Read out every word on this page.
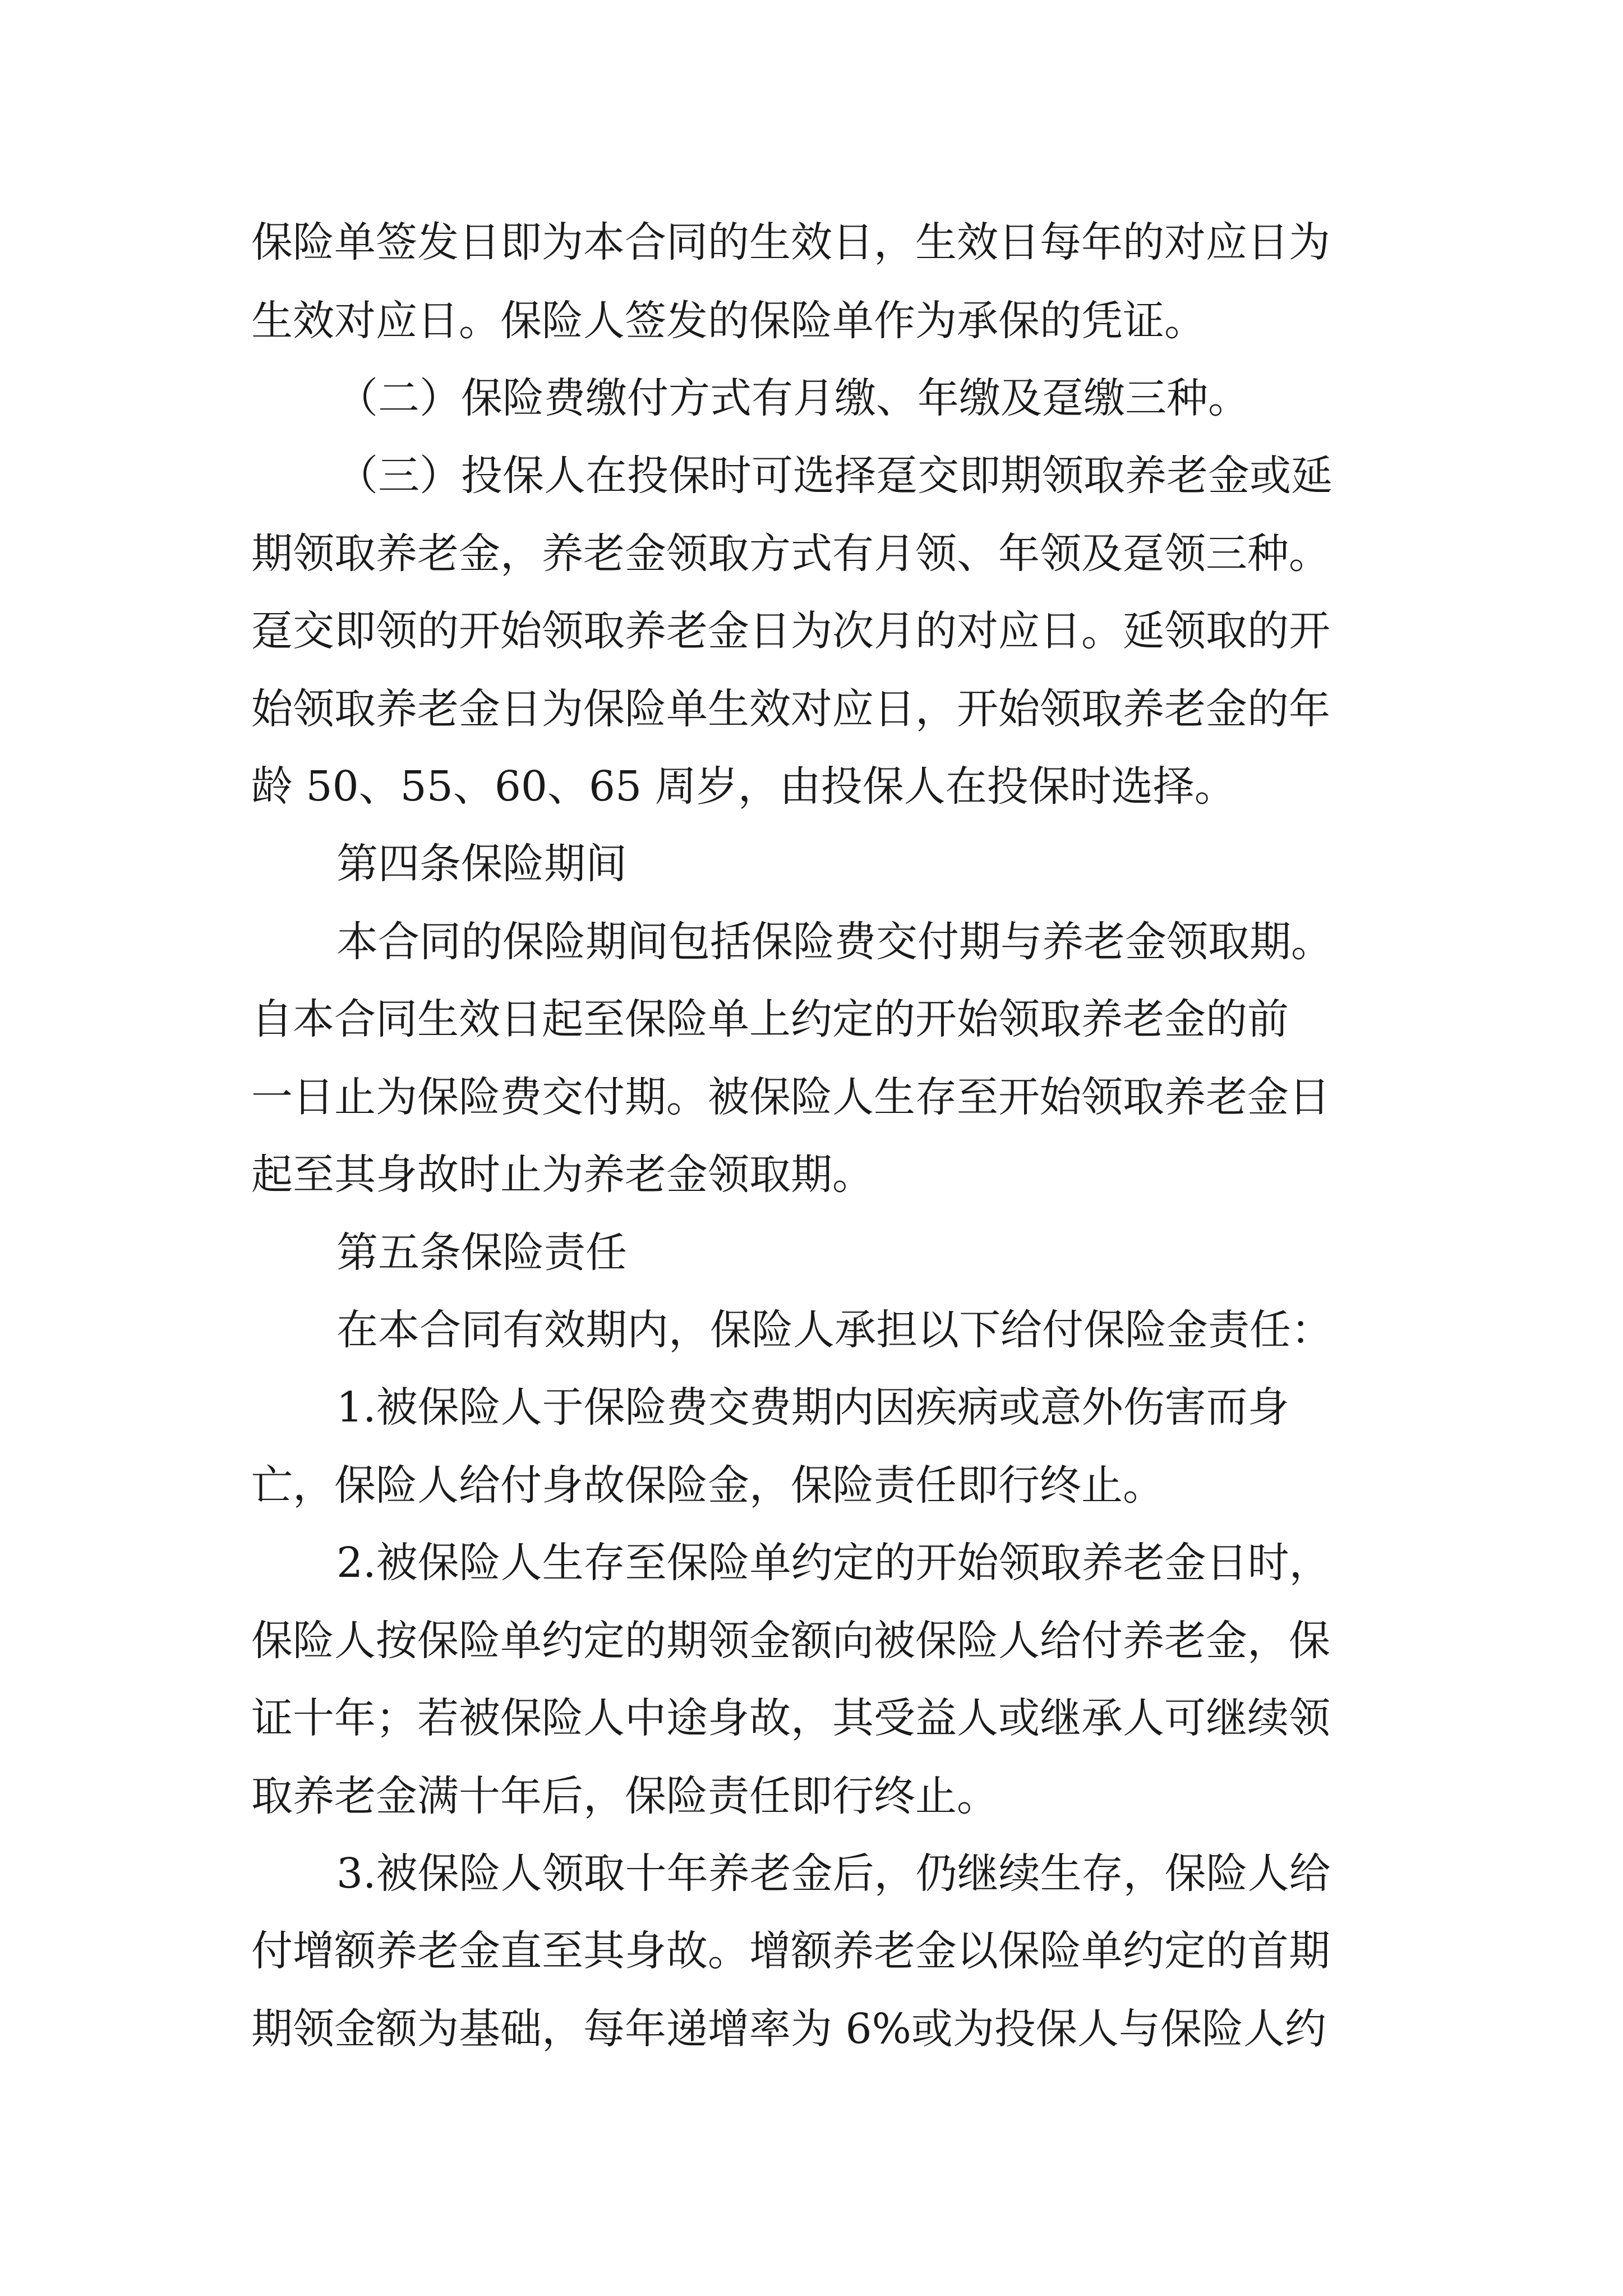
保险单签发日即为本合同的生效日，生效日每年的对应日为

生效对应日。保险人签发的保险单作为承保的凭证。

（二）保险费缴付方式有月缴、年缴及趸缴三种。

（三）投保人在投保时可选择趸交即期领取养老金或延

期领取养老金，养老金领取方式有月领、年领及趸领三种。

趸交即领的开始领取养老金日为次月的对应日。延领取的开

始领取养老金日为保险单生效对应日，开始领取养老金的年

龄 50、55、60、65 周岁，由投保人在投保时选择。

第四条保险期间

本合同的保险期间包括保险费交付期与养老金领取期。

自本合同生效日起至保险单上约定的开始领取养老金的前

一日止为保险费交付期。被保险人生存至开始领取养老金日

起至其身故时止为养老金领取期。

第五条保险责任

在本合同有效期内，保险人承担以下给付保险金责任：

1.被保险人于保险费交费期内因疾病或意外伤害而身

亡，保险人给付身故保险金，保险责任即行终止。

2.被保险人生存至保险单约定的开始领取养老金日时，

保险人按保险单约定的期领金额向被保险人给付养老金，保

证十年；若被保险人中途身故，其受益人或继承人可继续领

取养老金满十年后，保险责任即行终止。

3.被保险人领取十年养老金后，仍继续生存，保险人给

付增额养老金直至其身故。增额养老金以保险单约定的首期

期领金额为基础，每年递增率为 6%或为投保人与保险人约
